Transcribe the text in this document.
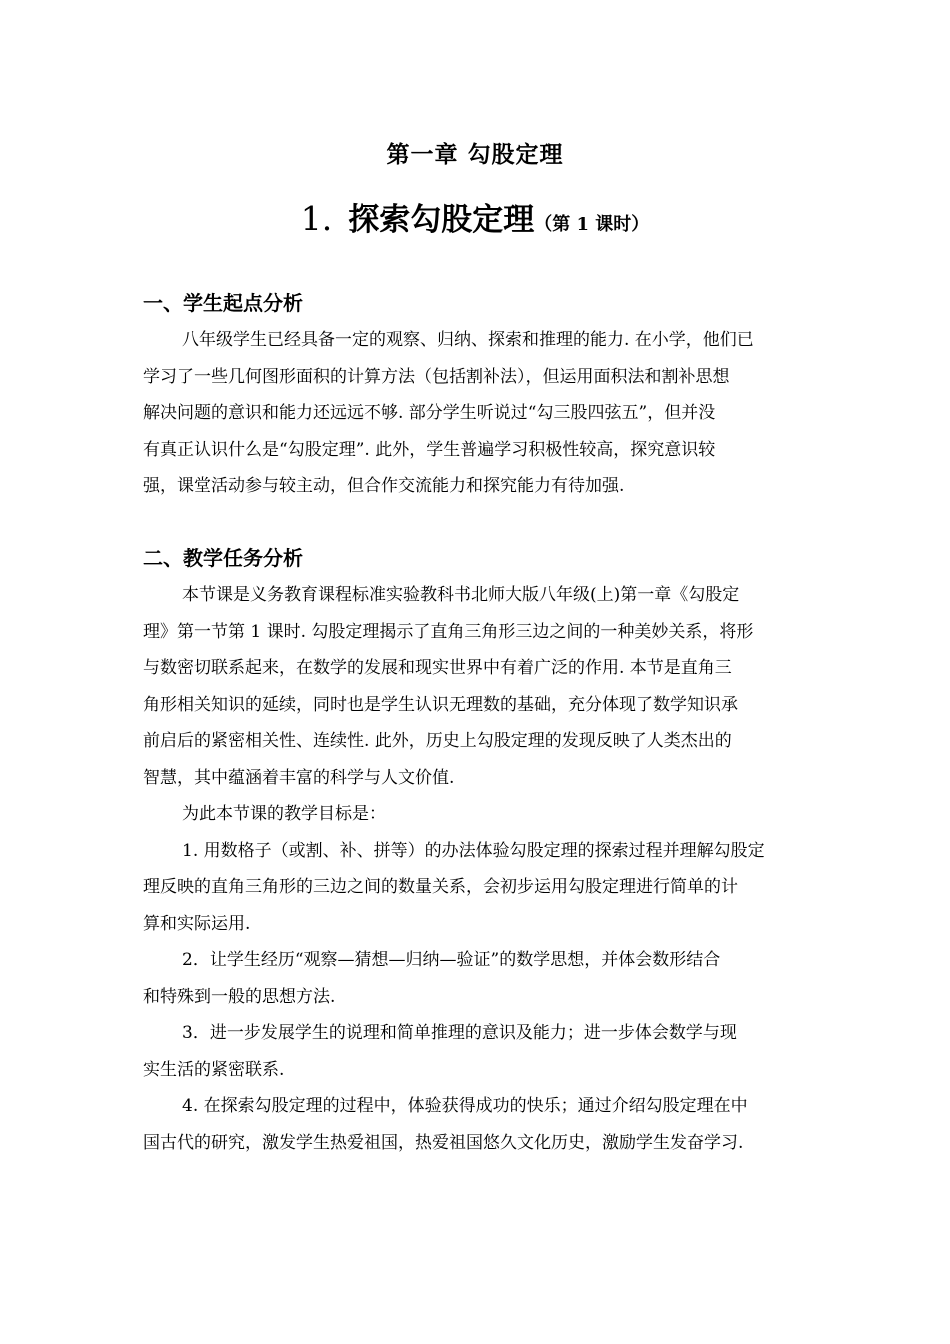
第一章 勾股定理
1. 探索勾股定理（第 1 课时）
一、学生起点分析
八年级学生已经具备一定的观察、归纳、探索和推理的能力. 在小学，他们已
学习了一些几何图形面积的计算方法（包括割补法），但运用面积法和割补思想
解决问题的意识和能力还远远不够. 部分学生听说过“勾三股四弦五”，但并没
有真正认识什么是“勾股定理”. 此外，学生普遍学习积极性较高，探究意识较
强，课堂活动参与较主动，但合作交流能力和探究能力有待加强.
二、教学任务分析
本节课是义务教育课程标准实验教科书北师大版八年级(上)第一章《勾股定
理》第一节第 1 课时. 勾股定理揭示了直角三角形三边之间的一种美妙关系，将形
与数密切联系起来，在数学的发展和现实世界中有着广泛的作用. 本节是直角三
角形相关知识的延续，同时也是学生认识无理数的基础，充分体现了数学知识承
前启后的紧密相关性、连续性. 此外，历史上勾股定理的发现反映了人类杰出的
智慧，其中蕴涵着丰富的科学与人文价值.
为此本节课的教学目标是：
1. 用数格子（或割、补、拼等）的办法体验勾股定理的探索过程并理解勾股定
理反映的直角三角形的三边之间的数量关系，会初步运用勾股定理进行简单的计
算和实际运用.
2．让学生经历“观察—猜想—归纳—验证”的数学思想，并体会数形结合
和特殊到一般的思想方法.
3．进一步发展学生的说理和简单推理的意识及能力；进一步体会数学与现
实生活的紧密联系.
4. 在探索勾股定理的过程中，体验获得成功的快乐；通过介绍勾股定理在中
国古代的研究，激发学生热爱祖国，热爱祖国悠久文化历史，激励学生发奋学习.
